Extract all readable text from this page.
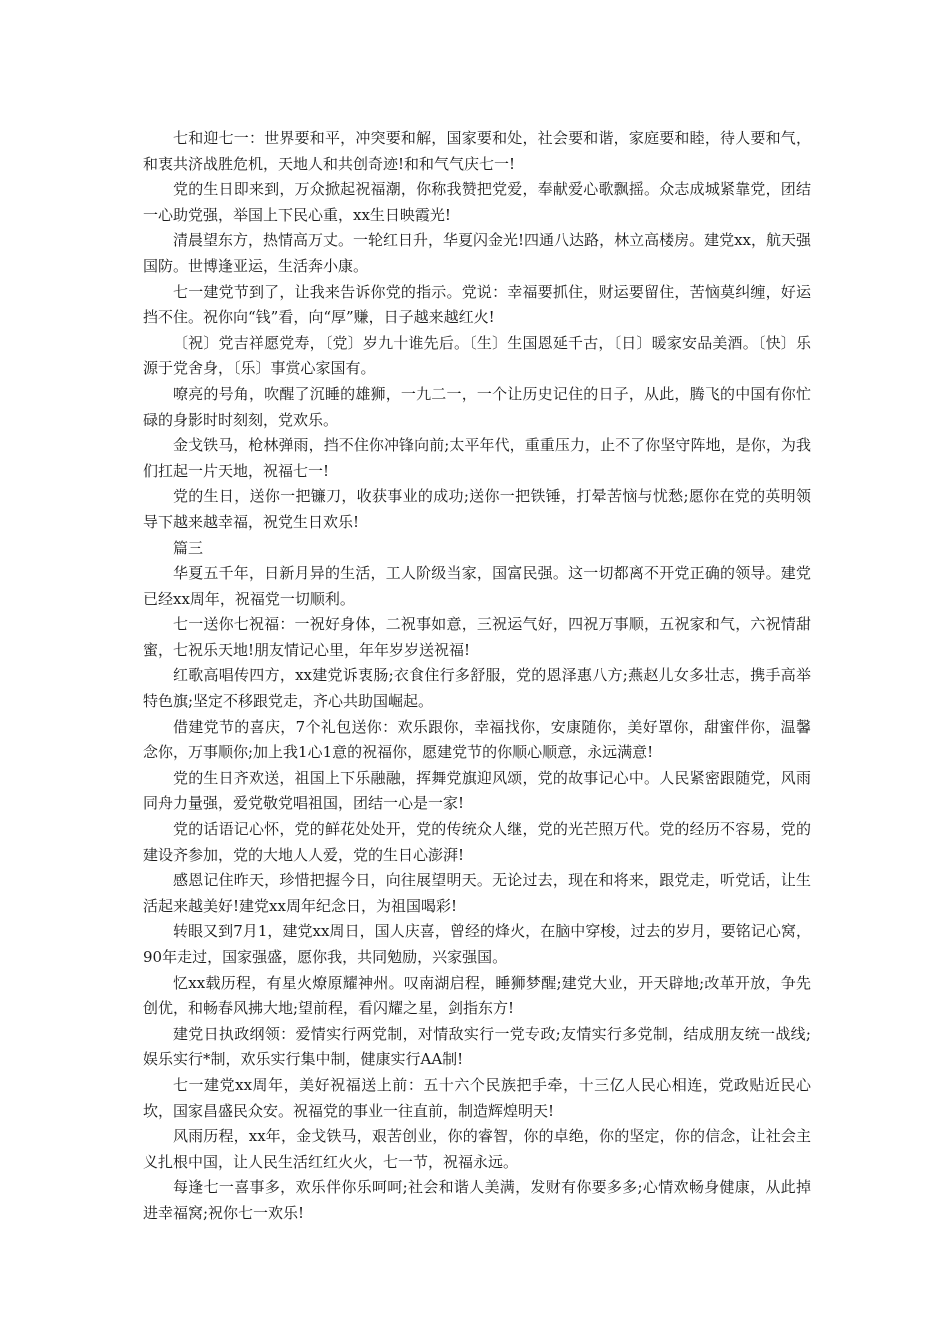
七和迎七一：世界要和平，冲突要和解，国家要和处，社会要和谐，家庭要和睦，待人要和气，和衷共济战胜危机，天地人和共创奇迹!和和气气庆七一!

党的生日即来到，万众掀起祝福潮，你称我赞把党爱，奉献爱心歌飘摇。众志成城紧靠党，团结一心助党强，举国上下民心重，xx生日映霞光!

清晨望东方，热情高万丈。一轮红日升，华夏闪金光!四通八达路，林立高楼房。建党xx，航天强国防。世博逢亚运，生活奔小康。

七一建党节到了，让我来告诉你党的指示。党说：幸福要抓住，财运要留住，苦恼莫纠缠，好运挡不住。祝你向“钱”看，向“厚”赚，日子越来越红火!

〔祝〕党吉祥愿党寿，〔党〕岁九十谁先后。〔生〕生国恩延千古，〔日〕暖家安品美酒。〔快〕乐源于党舍身，〔乐〕事赏心家国有。

嘹亮的号角，吹醒了沉睡的雄狮，一九二一，一个让历史记住的日子，从此，腾飞的中国有你忙碌的身影时时刻刻，党欢乐。

金戈铁马，枪林弹雨，挡不住你冲锋向前;太平年代，重重压力，止不了你坚守阵地，是你，为我们扛起一片天地，祝福七一!

党的生日，送你一把镰刀，收获事业的成功;送你一把铁锤，打晕苦恼与忧愁;愿你在党的英明领导下越来越幸福，祝党生日欢乐!

篇三

华夏五千年，日新月异的生活，工人阶级当家，国富民强。这一切都离不开党正确的领导。建党已经xx周年，祝福党一切顺利。

七一送你七祝福：一祝好身体，二祝事如意，三祝运气好，四祝万事顺，五祝家和气，六祝情甜蜜，七祝乐天地!朋友情记心里，年年岁岁送祝福!

红歌高唱传四方，xx建党诉衷肠;衣食住行多舒服，党的恩泽惠八方;燕赵儿女多壮志，携手高举特色旗;坚定不移跟党走，齐心共助国崛起。

借建党节的喜庆，7个礼包送你：欢乐跟你，幸福找你，安康随你，美好罩你，甜蜜伴你，温馨念你，万事顺你;加上我1心1意的祝福你，愿建党节的你顺心顺意，永远满意!

党的生日齐欢送，祖国上下乐融融，挥舞党旗迎风颂，党的故事记心中。人民紧密跟随党，风雨同舟力量强，爱党敬党唱祖国，团结一心是一家!

党的话语记心怀，党的鲜花处处开，党的传统众人继，党的光芒照万代。党的经历不容易，党的建设齐参加，党的大地人人爱，党的生日心澎湃!

感恩记住昨天，珍惜把握今日，向往展望明天。无论过去，现在和将来，跟党走，听党话，让生活起来越美好!建党xx周年纪念日，为祖国喝彩!

转眼又到7月1，建党xx周日，国人庆喜，曾经的烽火，在脑中穿梭，过去的岁月，要铭记心窝，90年走过，国家强盛，愿你我，共同勉励，兴家强国。

忆xx载历程，有星火燎原耀神州。叹南湖启程，睡狮梦醒;建党大业，开天辟地;改革开放，争先创优，和畅春风拂大地;望前程，看闪耀之星，剑指东方!

建党日执政纲领：爱情实行两党制，对情敌实行一党专政;友情实行多党制，结成朋友统一战线;娱乐实行*制，欢乐实行集中制，健康实行AA制!

七一建党xx周年，美好祝福送上前：五十六个民族把手牵，十三亿人民心相连，党政贴近民心坎，国家昌盛民众安。祝福党的事业一往直前，制造辉煌明天!

风雨历程，xx年，金戈铁马，艰苦创业，你的睿智，你的卓绝，你的坚定，你的信念，让社会主义扎根中国，让人民生活红红火火，七一节，祝福永远。

每逢七一喜事多，欢乐伴你乐呵呵;社会和谐人美满，发财有你要多多;心情欢畅身健康，从此掉进幸福窝;祝你七一欢乐!
